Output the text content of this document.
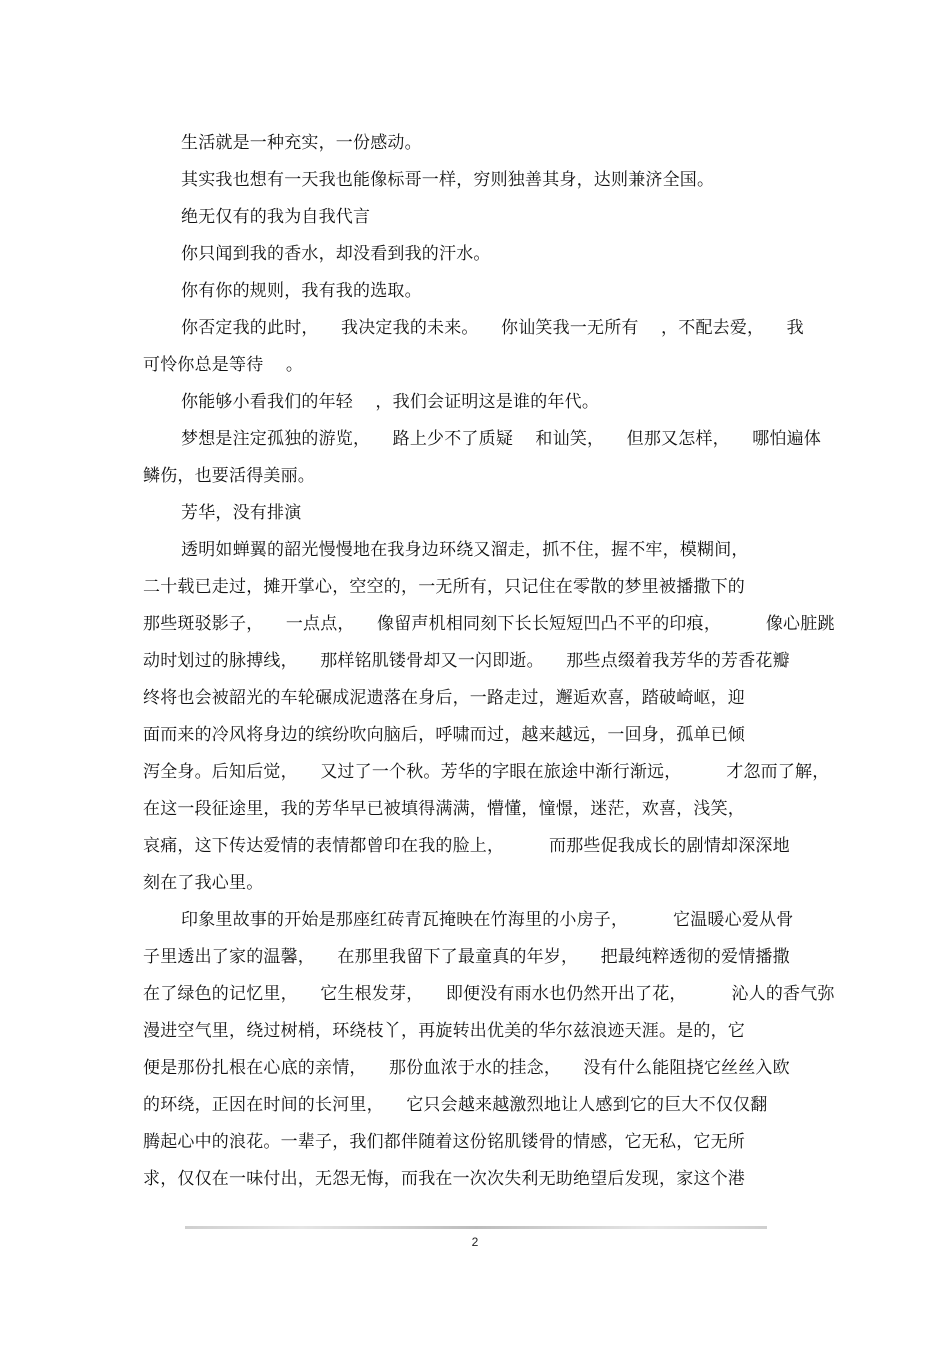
生活就是一种充实，一份感动。
其实我也想有一天我也能像标哥一样，穷则独善其身，达则兼济全国。
绝无仅有的我为自我代言
你只闻到我的香水，却没看到我的汗水。
你有你的规则，我有我的选取。
你否定我的此时，    我决定我的未来。    你讪笑我一无所有    ，不配去爱，    我
可怜你总是等待    。
你能够小看我们的年轻    ，我们会证明这是谁的年代。
梦想是注定孤独的游览，    路上少不了质疑    和讪笑，    但那又怎样，    哪怕遍体
鳞伤，也要活得美丽。
芳华，没有排演
透明如蝉翼的韶光慢慢地在我身边环绕又溜走，抓不住，握不牢，模糊间，
二十载已走过，摊开掌心，空空的，一无所有，只记住在零散的梦里被播撒下的
那些斑驳影子，    一点点，    像留声机相同刻下长长短短凹凸不平的印痕，        像心脏跳
动时划过的脉搏线，    那样铭肌镂骨却又一闪即逝。    那些点缀着我芳华的芳香花瓣
终将也会被韶光的车轮碾成泥遗落在身后，一路走过，邂逅欢喜，踏破崎岖，迎
面而来的冷风将身边的缤纷吹向脑后，呼啸而过，越来越远，一回身，孤单已倾
泻全身。后知后觉，    又过了一个秋。芳华的字眼在旅途中渐行渐远，        才忽而了解，
在这一段征途里，我的芳华早已被填得满满，懵懂，憧憬，迷茫，欢喜，浅笑，
哀痛，这下传达爱情的表情都曾印在我的脸上，        而那些促我成长的剧情却深深地
刻在了我心里。
印象里故事的开始是那座红砖青瓦掩映在竹海里的小房子，        它温暖心爱从骨
子里透出了家的温馨，    在那里我留下了最童真的年岁，    把最纯粹透彻的爱情播撒
在了绿色的记忆里，    它生根发芽，    即便没有雨水也仍然开出了花，        沁人的香气弥
漫进空气里，绕过树梢，环绕枝丫，再旋转出优美的华尔兹浪迹天涯。是的，它
便是那份扎根在心底的亲情，    那份血浓于水的挂念，    没有什么能阻挠它丝丝入欧
的环绕，正因在时间的长河里，    它只会越来越激烈地让人感到它的巨大不仅仅翻
腾起心中的浪花。一辈子，我们都伴随着这份铭肌镂骨的情感，它无私，它无所
求，仅仅在一味付出，无怨无悔，而我在一次次失利无助绝望后发现，家这个港
2
